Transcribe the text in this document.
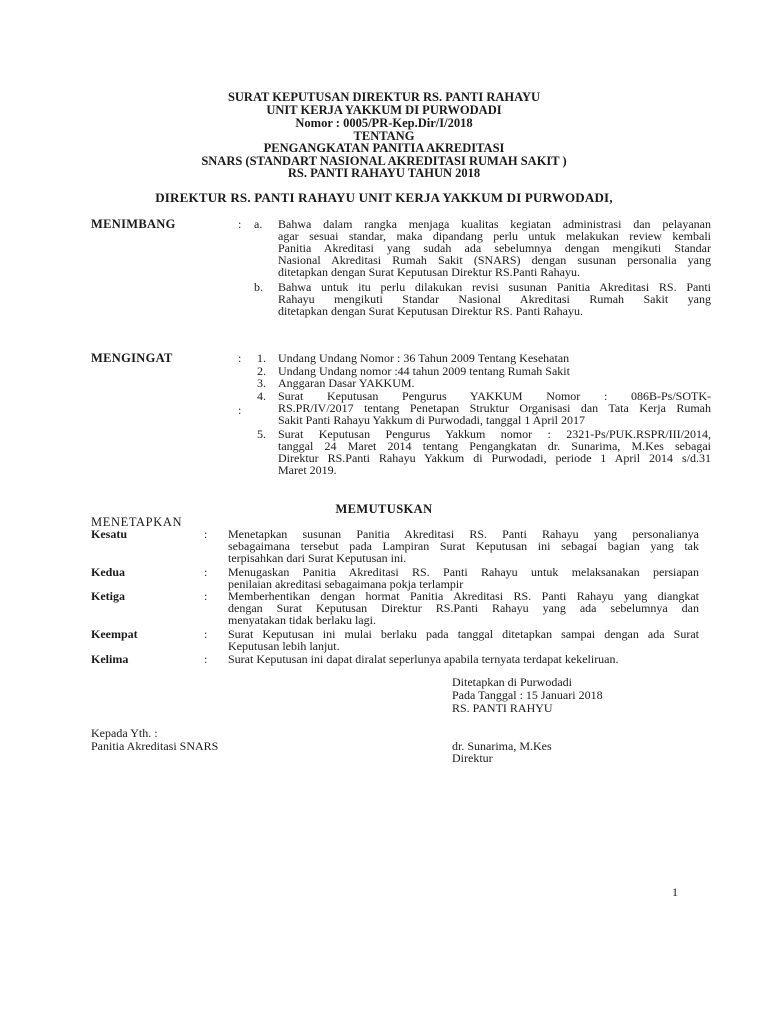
SURAT KEPUTUSAN DIREKTUR RS. PANTI RAHAYU
UNIT KERJA YAKKUM DI PURWODADI
Nomor : 0005/PR-Kep.Dir/I/2018
TENTANG
PENGANGKATAN PANITIA AKREDITASI
SNARS (STANDART NASIONAL AKREDITASI RUMAH SAKIT )
RS. PANTI RAHAYU TAHUN 2018
DIREKTUR RS. PANTI RAHAYU UNIT KERJA YAKKUM DI PURWODADI,
MENIMBANG	: a. Bahwa dalam rangka menjaga kualitas kegiatan administrasi dan pelayanan
agar sesuai standar, maka dipandang perlu untuk melakukan review kembali
Panitia Akreditasi yang sudah ada sebelumnya dengan mengikuti Standar
Nasional Akreditasi Rumah Sakit (SNARS) dengan susunan personalia yang
ditetapkan dengan Surat Keputusan Direktur RS.Panti Rahayu.
b. Bahwa untuk itu perlu dilakukan revisi susunan Panitia Akreditasi RS. Panti
Rahayu mengikuti Standar Nasional Akreditasi Rumah Sakit yang
ditetapkan dengan Surat Keputusan Direktur RS. Panti Rahayu.
MENGINGAT	:
:
1. Undang Undang Nomor : 36 Tahun 2009 Tentang Kesehatan
2. Undang Undang nomor :44 tahun 2009 tentang Rumah Sakit
3. Anggaran Dasar YAKKUM.
4. Surat Keputusan Pengurus YAKKUM Nomor : 086B-Ps/SOTK-
RS.PR/IV/2017 tentang Penetapan Struktur Organisasi dan Tata Kerja Rumah
Sakit Panti Rahayu Yakkum di Purwodadi, tanggal 1 April 2017
5. Surat Keputusan Pengurus Yakkum nomor : 2321-Ps/PUK.RSPR/III/2014,
tanggal 24 Maret 2014 tentang Pengangkatan dr. Sunarima, M.Kes sebagai
Direktur RS.Panti Rahayu Yakkum di Purwodadi, periode 1 April 2014 s/d.31
Maret 2019.
MEMUTUSKAN
MENETAPKAN
Kesatu	: Menetapkan susunan Panitia Akreditasi RS. Panti Rahayu yang personalianya
sebagaimana tersebut pada Lampiran Surat Keputusan ini sebagai bagian yang tak
terpisahkan dari Surat Keputusan ini.
Kedua	: Menugaskan Panitia Akreditasi RS. Panti Rahayu untuk melaksanakan persiapan
penilaian akreditasi sebagaimana pokja terlampir
Ketiga	: Memberhentikan dengan hormat Panitia Akreditasi RS. Panti Rahayu yang diangkat
dengan Surat Keputusan Direktur RS.Panti Rahayu yang ada sebelumnya dan
menyatakan tidak berlaku lagi.
Keempat	: Surat Keputusan ini mulai berlaku pada tanggal ditetapkan sampai dengan ada Surat
Keputusan lebih lanjut.
Kelima	: Surat Keputusan ini dapat diralat seperlunya apabila ternyata terdapat kekeliruan.
Ditetapkan di Purwodadi
Pada Tanggal : 15 Januari 2018
RS. PANTI RAHYU
Kepada Yth. :
Panitia Akreditasi SNARS	dr. Sunarima, M.Kes
Direktur
1
